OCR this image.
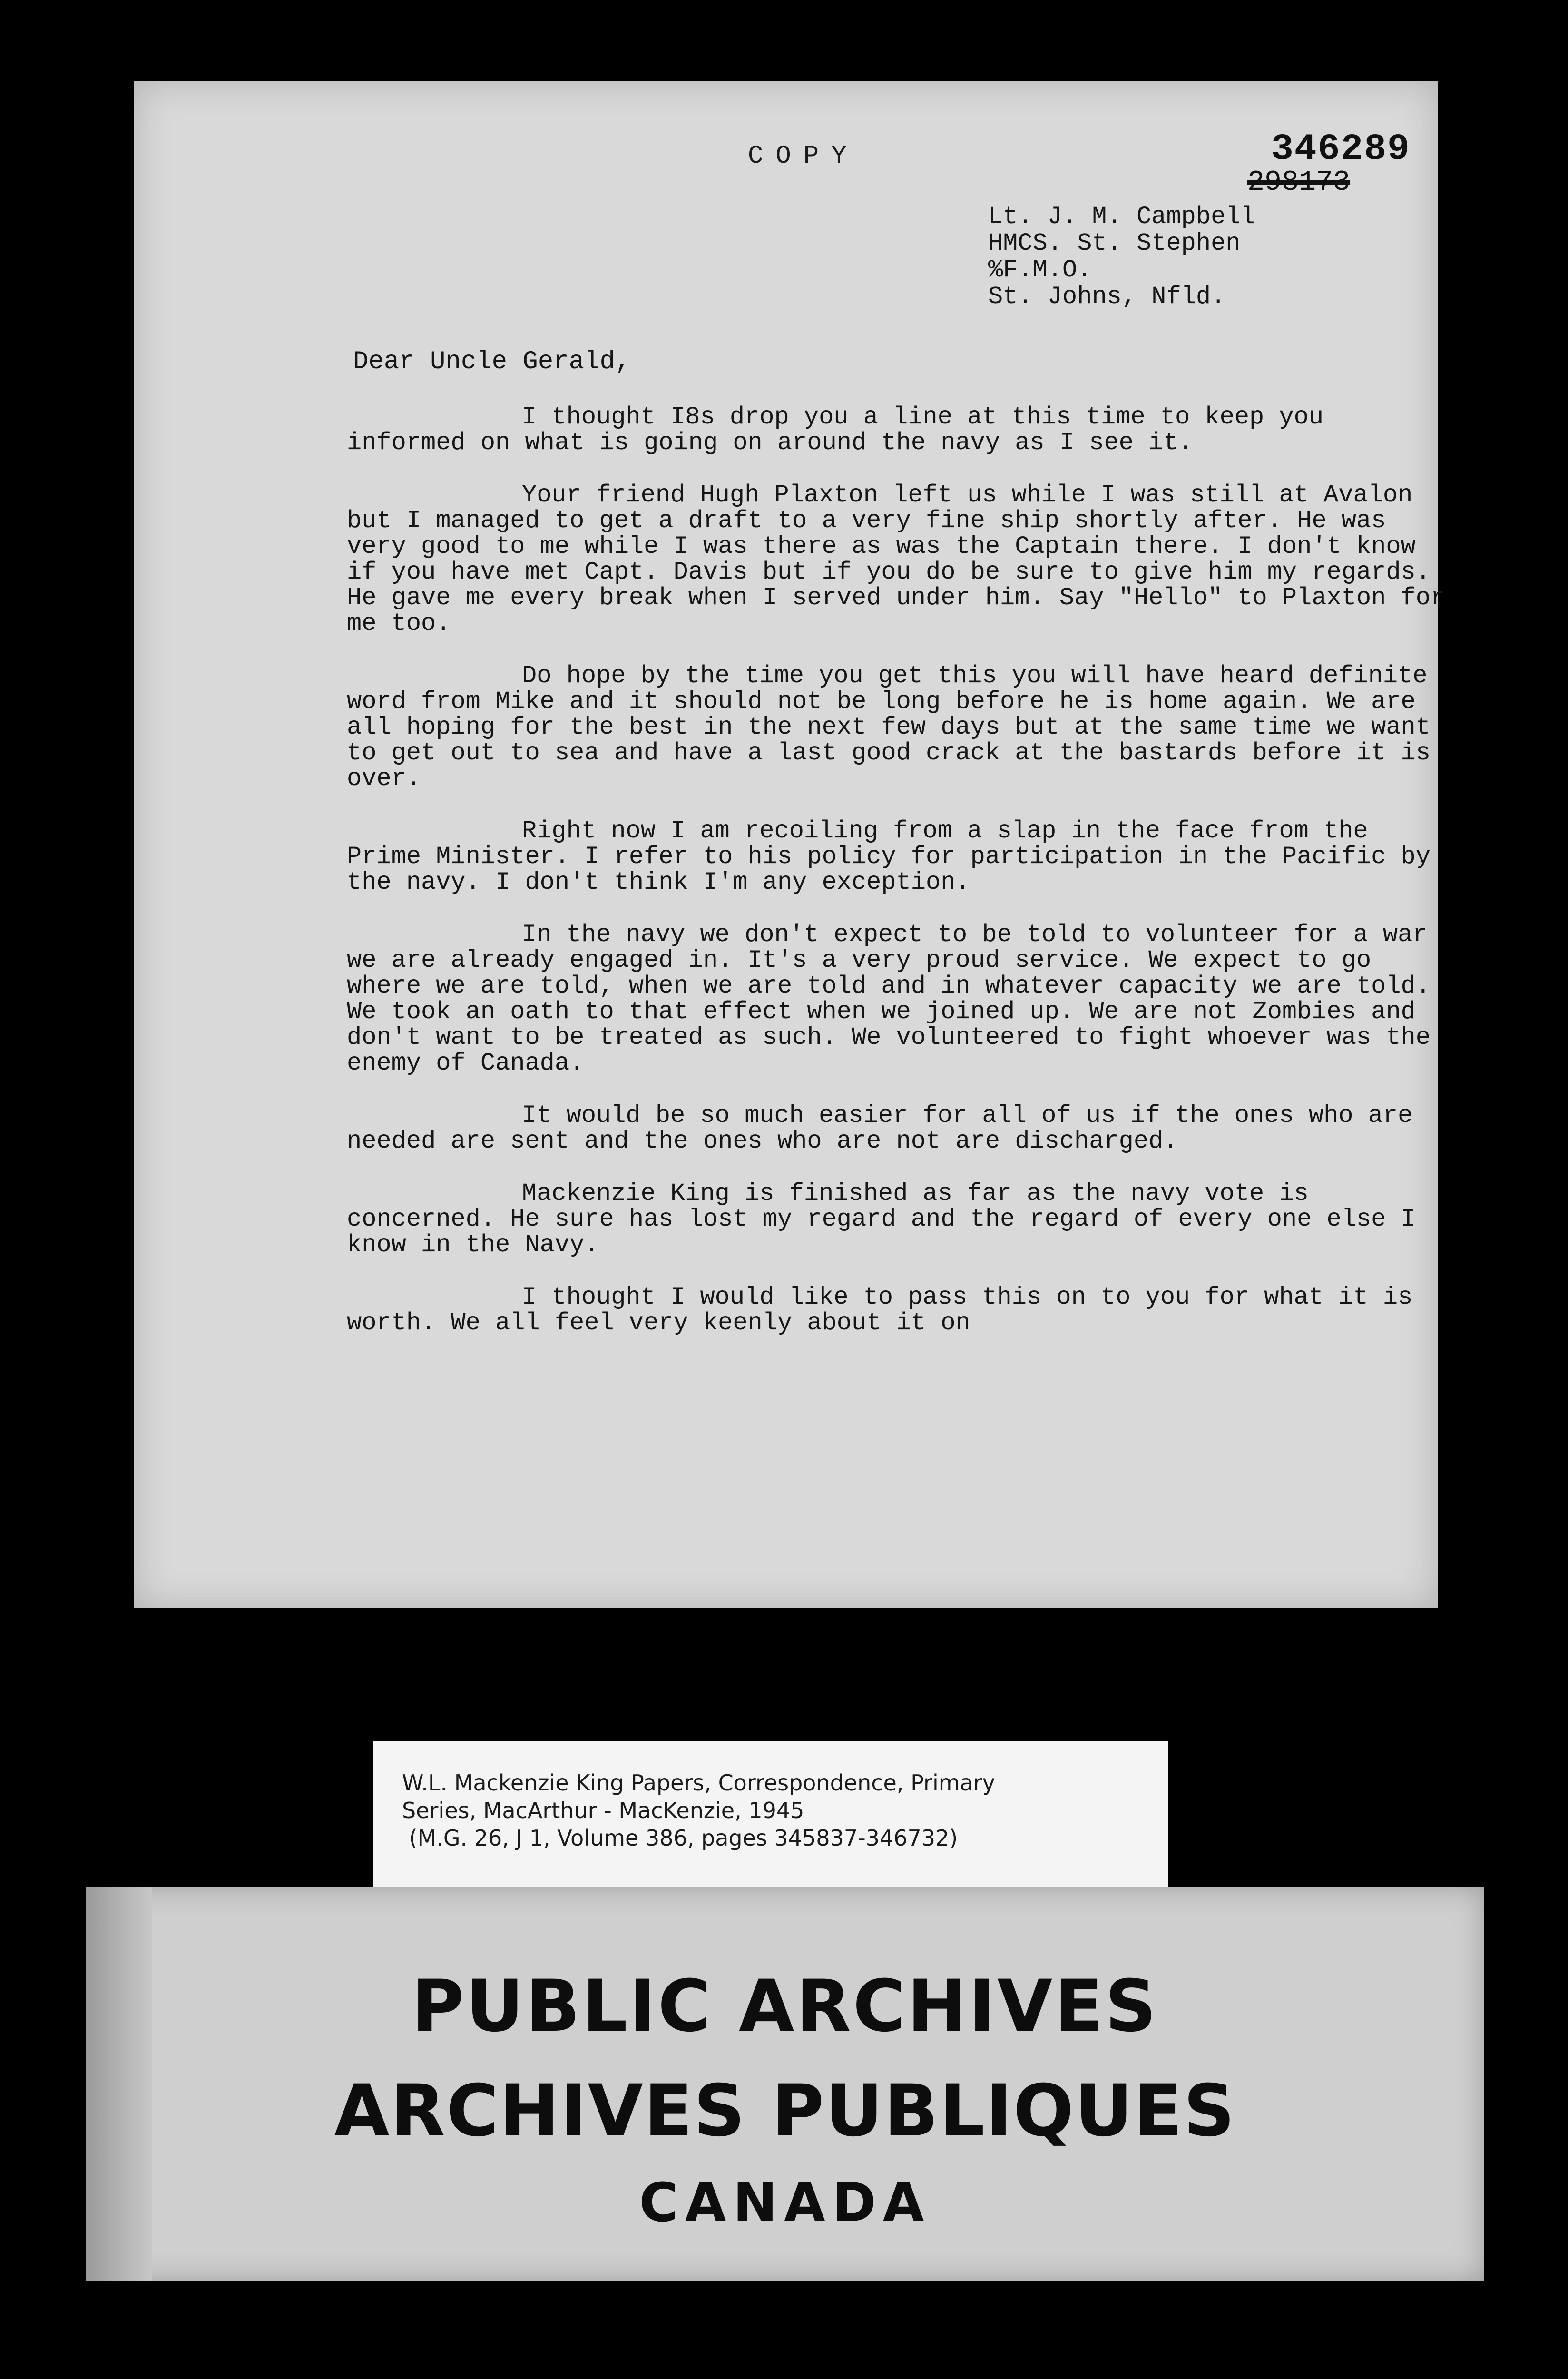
COPY	346289
298173
Lt. J. M. Campbell
HMCS. St. Stephen
%F.M.O.
St. Johns, Nfld.
Dear Uncle Gerald,

I thought I8s drop you a line at this time to keep you informed on what is going on around the navy as I see it.

Your friend Hugh Plaxton left us while I was still at Avalon but I managed to get a draft to a very fine ship shortly after. He was very good to me while I was there as was the Captain there. I don't know if you have met Capt. Davis but if you do be sure to give him my regards. He gave me every break when I served under him. Say "Hello" to Plaxton for me too.

Do hope by the time you get this you will have heard definite word from Mike and it should not be long before he is home again. We are all hoping for the best in the next few days but at the same time we want to get out to sea and have a last good crack at the bastards before it is over.

Right now I am recoiling from a slap in the face from the Prime Minister. I refer to his policy for participation in the Pacific by the navy. I don't think I'm any exception.

In the navy we don't expect to be told to volunteer for a war we are already engaged in. It's a very proud service. We expect to go where we are told, when we are told and in whatever capacity we are told. We took an oath to that effect when we joined up. We are not Zombies and don't want to be treated as such. We volunteered to fight whoever was the enemy of Canada.

It would be so much easier for all of us if the ones who are needed are sent and the ones who are not are discharged.

Mackenzie King is finished as far as the navy vote is concerned. He sure has lost my regard and the regard of every one else I know in the Navy.

I thought I would like to pass this on to you for what it is worth. We all feel very keenly about it on

W.L. Mackenzie King Papers, Correspondence, Primary
Series, MacArthur - MacKenzie, 1945
(M.G. 26, J 1, Volume 386, pages 345837-346732)
PUBLIC ARCHIVES
ARCHIVES PUBLIQUES
CANADA
